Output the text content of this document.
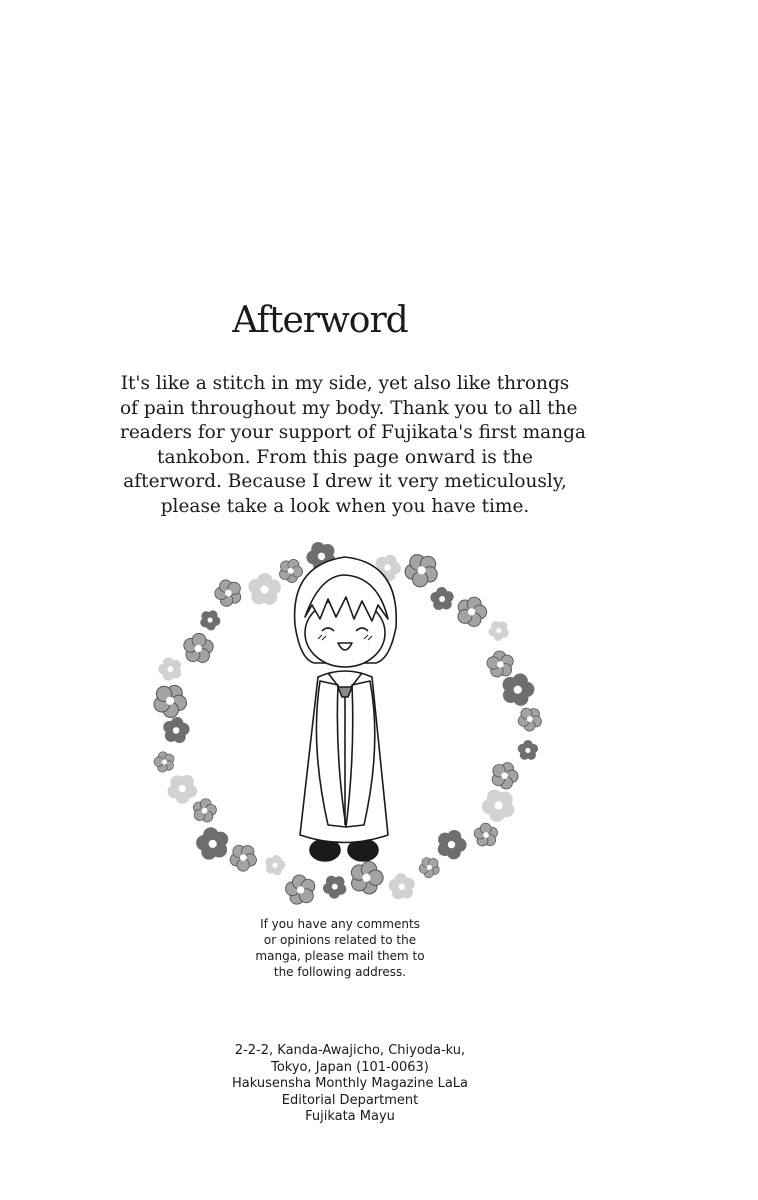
Afterword
It's like a stitch in my side, yet also like throngs
of pain throughout my body. Thank you to all the
readers for your support of Fujikata's first manga
tankobon. From this page onward is the
afterword. Because I drew it very meticulously,
please take a look when you have time.
If you have any comments
or opinions related to the
manga, please mail them to
the following address.
2-2-2, Kanda-Awajicho, Chiyoda-ku,
Tokyo, Japan (101-0063)
Hakusensha Monthly Magazine LaLa
Editorial Department
Fujikata Mayu
